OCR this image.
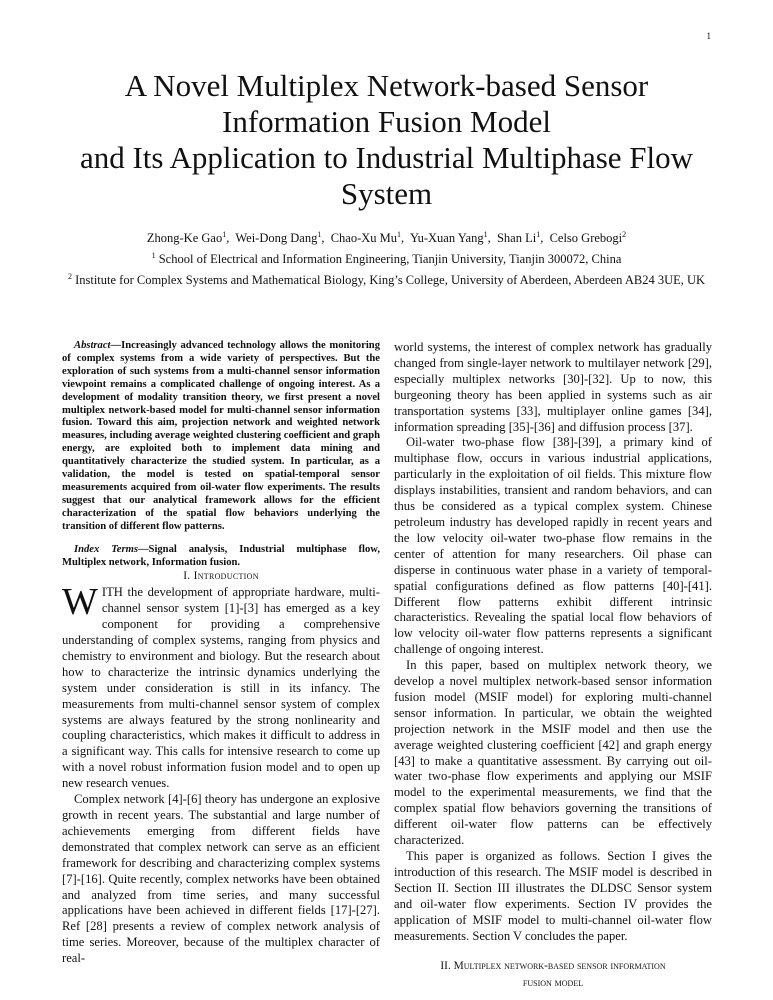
1
A Novel Multiplex Network-based Sensor
Information Fusion Model
and Its Application to Industrial Multiphase Flow
System
Zhong-Ke Gao$^1$,  Wei-Dong Dang$^1$,  Chao-Xu Mu$^1$,  Yu-Xuan Yang$^1$,  Shan Li$^1$,  Celso Grebogi$^2$
$^1$ School of Electrical and Information Engineering, Tianjin University, Tianjin 300072, China
$^2$ Institute for Complex Systems and Mathematical Biology, King’s College, University of Aberdeen, Aberdeen AB24 3UE, UK

Abstract—Increasingly advanced technology allows the monitoring of complex systems from a wide variety of perspectives. But the exploration of such systems from a multi-channel sensor information viewpoint remains a complicated challenge of ongoing interest. As a development of modality transition theory, we first present a novel multiplex network-based model for multi-channel sensor information fusion. Toward this aim, projection network and weighted network measures, including average weighted clustering coefficient and graph energy, are exploited both to implement data mining and quantitatively characterize the studied system. In particular, as a validation, the model is tested on spatial-temporal sensor measurements acquired from oil-water flow experiments. The results suggest that our analytical framework allows for the efficient characterization of the spatial flow behaviors underlying the transition of different flow patterns.

Index Terms—Signal analysis, Industrial multiphase flow, Multiplex network, Information fusion.

I. Introduction

WITH the development of appropriate hardware, multi-channel sensor system [1]-[3] has emerged as a key component for providing a comprehensive understanding of complex systems, ranging from physics and chemistry to environment and biology. But the research about how to characterize the intrinsic dynamics underlying the system under consideration is still in its infancy. The measurements from multi-channel sensor system of complex systems are always featured by the strong nonlinearity and coupling characteristics, which makes it difficult to address in a significant way. This calls for intensive research to come up with a novel robust information fusion model and to open up new research venues.

Complex network [4]-[6] theory has undergone an explosive growth in recent years. The substantial and large number of achievements emerging from different fields have demonstrated that complex network can serve as an efficient framework for describing and characterizing complex systems [7]-[16]. Quite recently, complex networks have been obtained and analyzed from time series, and many successful applications have been achieved in different fields [17]-[27]. Ref [28] presents a review of complex network analysis of time series. Moreover, because of the multiplex character of real-

world systems, the interest of complex network has gradually changed from single-layer network to multilayer network [29], especially multiplex networks [30]-[32]. Up to now, this burgeoning theory has been applied in systems such as air transportation systems [33], multiplayer online games [34], information spreading [35]-[36] and diffusion process [37].

Oil-water two-phase flow [38]-[39], a primary kind of multiphase flow, occurs in various industrial applications, particularly in the exploitation of oil fields. This mixture flow displays instabilities, transient and random behaviors, and can thus be considered as a typical complex system. Chinese petroleum industry has developed rapidly in recent years and the low velocity oil-water two-phase flow remains in the center of attention for many researchers. Oil phase can disperse in continuous water phase in a variety of temporal-spatial configurations defined as flow patterns [40]-[41]. Different flow patterns exhibit different intrinsic characteristics. Revealing the spatial local flow behaviors of low velocity oil-water flow patterns represents a significant challenge of ongoing interest.

In this paper, based on multiplex network theory, we develop a novel multiplex network-based sensor information fusion model (MSIF model) for exploring multi-channel sensor information. In particular, we obtain the weighted projection network in the MSIF model and then use the average weighted clustering coefficient [42] and graph energy [43] to make a quantitative assessment. By carrying out oil-water two-phase flow experiments and applying our MSIF model to the experimental measurements, we find that the complex spatial flow behaviors governing the transitions of different oil-water flow patterns can be effectively characterized.

This paper is organized as follows. Section I gives the introduction of this research. The MSIF model is described in Section II. Section III illustrates the DLDSC Sensor system and oil-water flow experiments. Section IV provides the application of MSIF model to multi-channel oil-water flow measurements. Section V concludes the paper.

II. Multiplex network-based sensor information
fusion model
